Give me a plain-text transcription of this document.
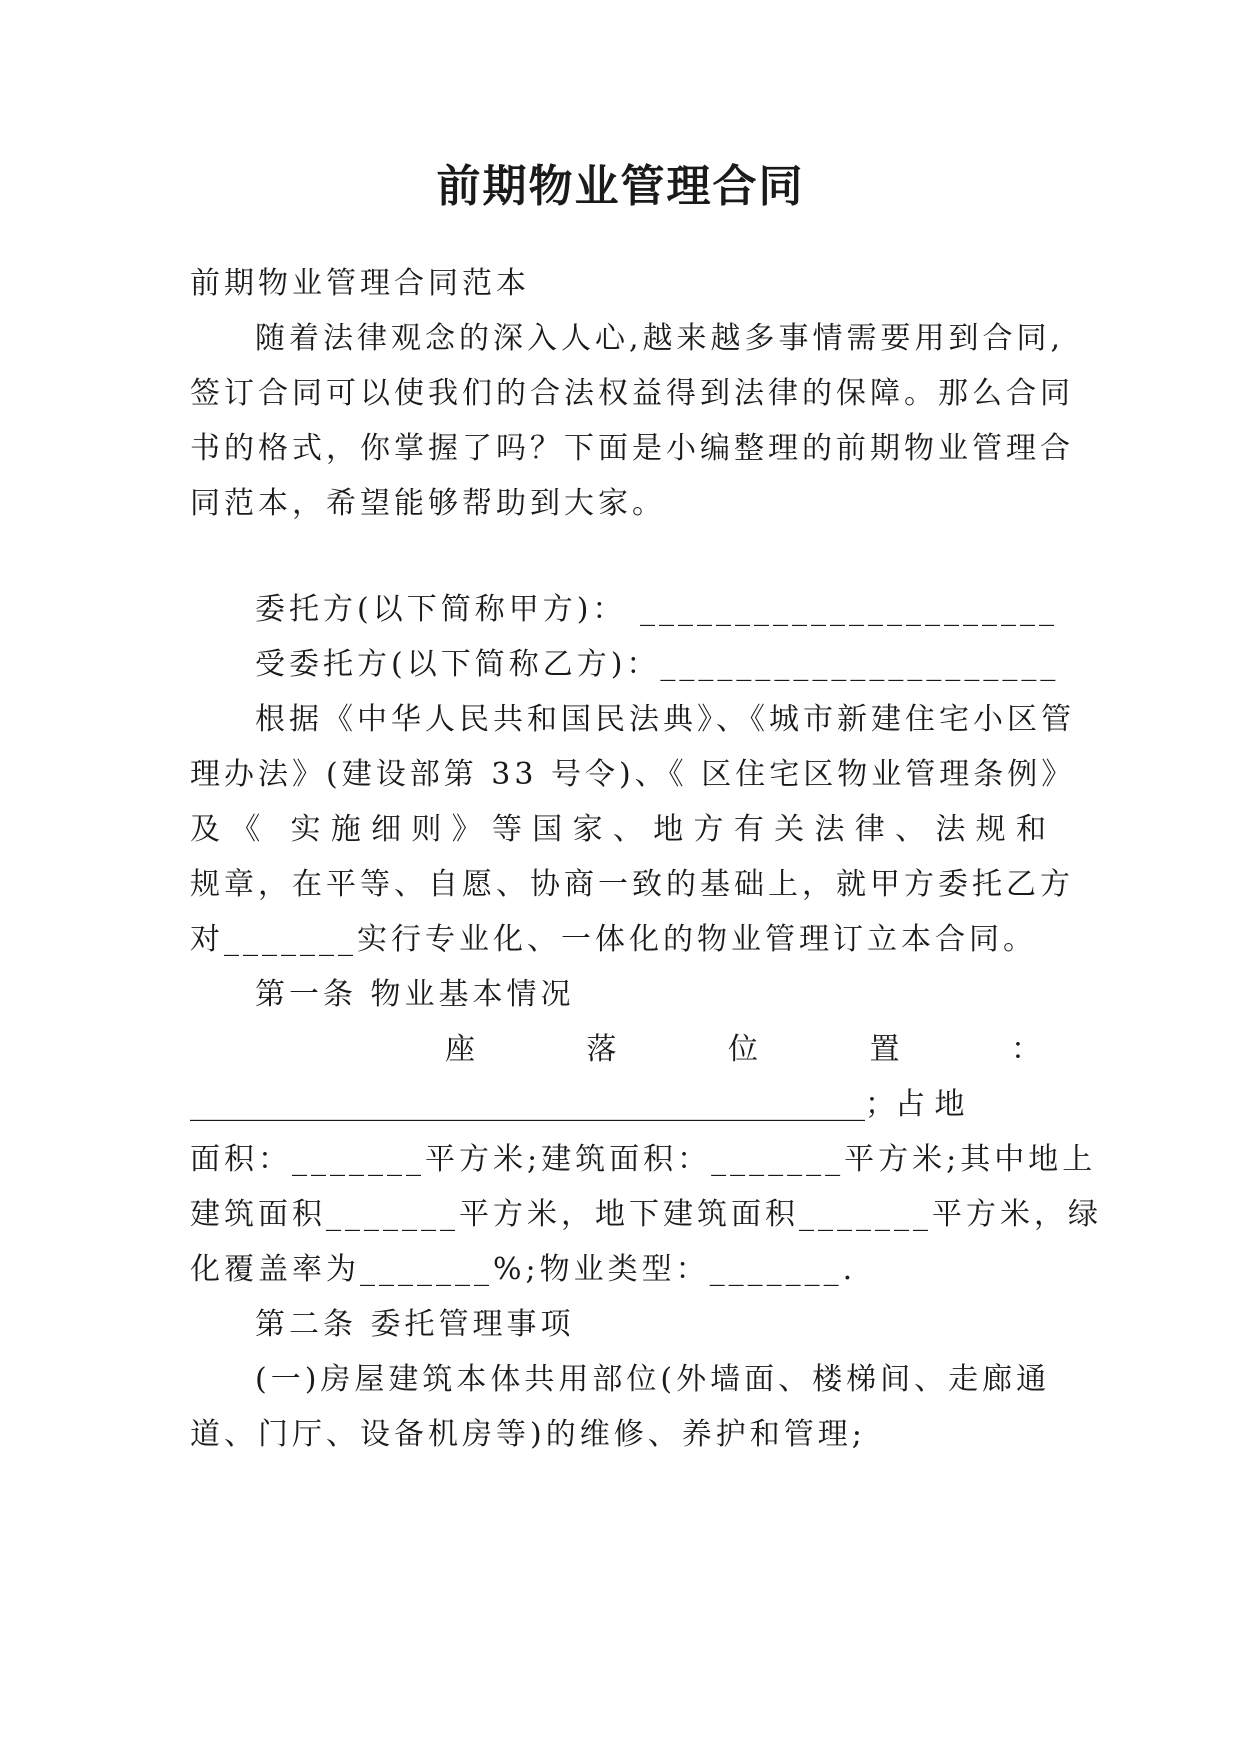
前期物业管理合同

前期物业管理合同范本

随着法律观念的深入人心,越来越多事情需要用到合同,

签订合同可以使我们的合法权益得到法律的保障。那么合同

书的格式，你掌握了吗？下面是小编整理的前期物业管理合

同范本，希望能够帮助到大家。

委托方(以下简称甲方)： ______________________

受委托方(以下简称乙方)：_____________________

根据《中华人民共和国民法典》、《城市新建住宅小区管

理办法》(建设部第 33 号令)、《 区住宅区物业管理条例》

及《 实施细则》等国家、地方有关法律、法规和

规章，在平等、自愿、协商一致的基础上，就甲方委托乙方

对_______实行专业化、一体化的物业管理订立本合同。

第一条 物业基本情况

座	落	位	置	：

_____________________________________________；占 地

面积：_______平方米;建筑面积：_______平方米;其中地上

建筑面积_______平方米，地下建筑面积_______平方米，绿

化覆盖率为_______%;物业类型：_______.

第二条 委托管理事项

(一)房屋建筑本体共用部位(外墙面、楼梯间、走廊通

道、门厅、设备机房等)的维修、养护和管理;
